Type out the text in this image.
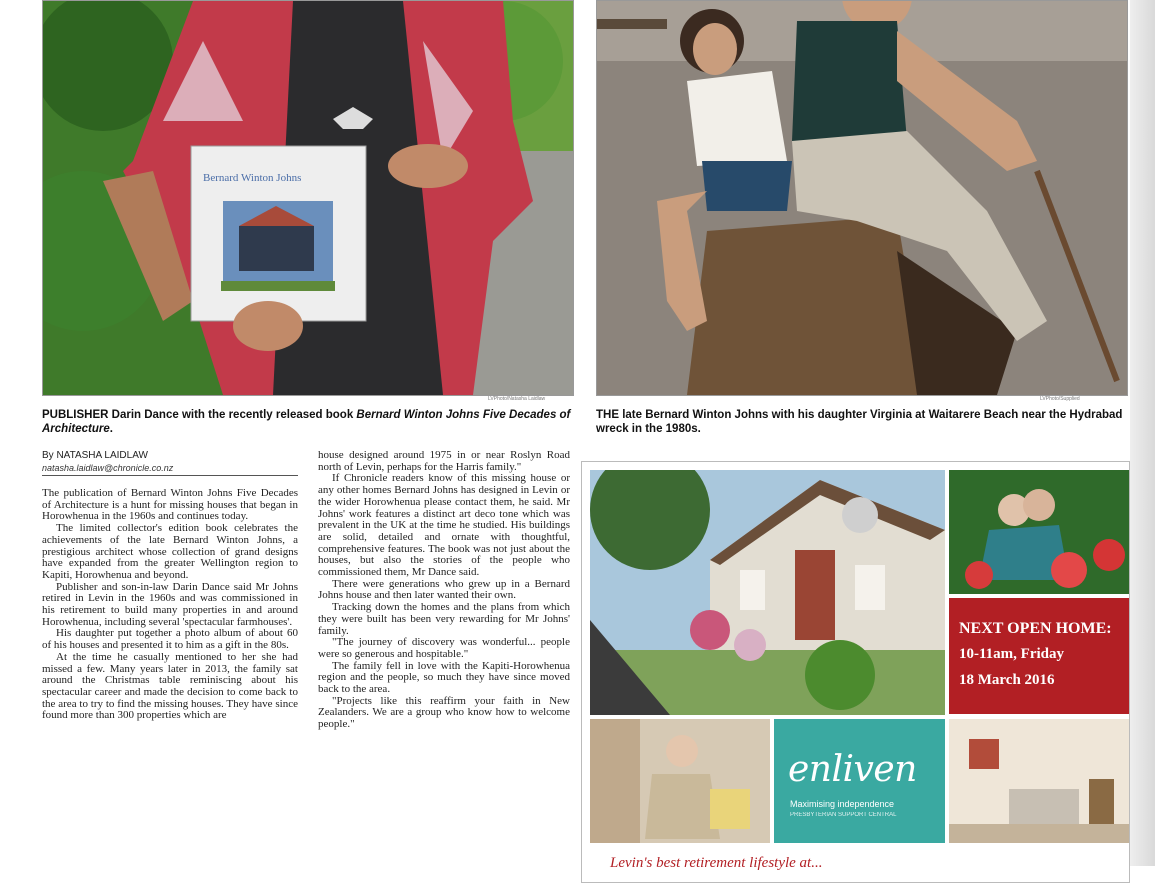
Bernard Winton Johns
LVPhoto/Natasha Laidlaw	LVPhoto/Supplied
PUBLISHER Darin Dance with the recently released book Bernard Winton Johns Five Decades of Architecture.
THE late Bernard Winton Johns with his daughter Virginia at Waitarere Beach near the Hydrabad wreck in the 1980s.
By NATASHA LAIDLAW
natasha.laidlaw@chronicle.co.nz

The publication of Bernard Winton Johns Five Decades of Architecture is a hunt for missing houses that began in Horowhenua in the 1960s and continues today.

The limited collector's edition book celebrates the achievements of the late Bernard Winton Johns, a prestigious architect whose collection of grand designs have expanded from the greater Wellington region to Kapiti, Horowhenua and beyond.

Publisher and son-in-law Darin Dance said Mr Johns retired in Levin in the 1960s and was commissioned in his retirement to build many properties in and around Horowhenua, including several 'spectacular farmhouses'.

His daughter put together a photo album of about 60 of his houses and presented it to him as a gift in the 80s.

At the time he casually mentioned to her she had missed a few. Many years later in 2013, the family sat around the Christmas table reminiscing about his spectacular career and made the decision to come back to the area to try to find the missing houses. They have since found more than 300 properties which are

house designed around 1975 in or near Roslyn Road north of Levin, perhaps for the Harris family."

If Chronicle readers know of this missing house or any other homes Bernard Johns has designed in Levin or the wider Horowhenua please contact them, he said. Mr Johns' work features a distinct art deco tone which was prevalent in the UK at the time he studied. His buildings are solid, detailed and ornate with thoughtful, comprehensive features. The book was not just about the houses, but also the stories of the people who commissioned them, Mr Dance said.

There were generations who grew up in a Bernard Johns house and then later wanted their own.

Tracking down the homes and the plans from which they were built has been very rewarding for Mr Johns' family.

"The journey of discovery was wonderful... people were so generous and hospitable."

The family fell in love with the Kapiti-Horowhenua region and the people, so much they have since moved back to the area.

"Projects like this reaffirm your faith in New Zealanders. We are a group who know how to welcome people."

NEXT OPEN HOME:
10-11am, Friday
18 March 2016
enliven
Maximising independence
PRESBYTERIAN SUPPORT CENTRAL
Levin's best retirement lifestyle at...
